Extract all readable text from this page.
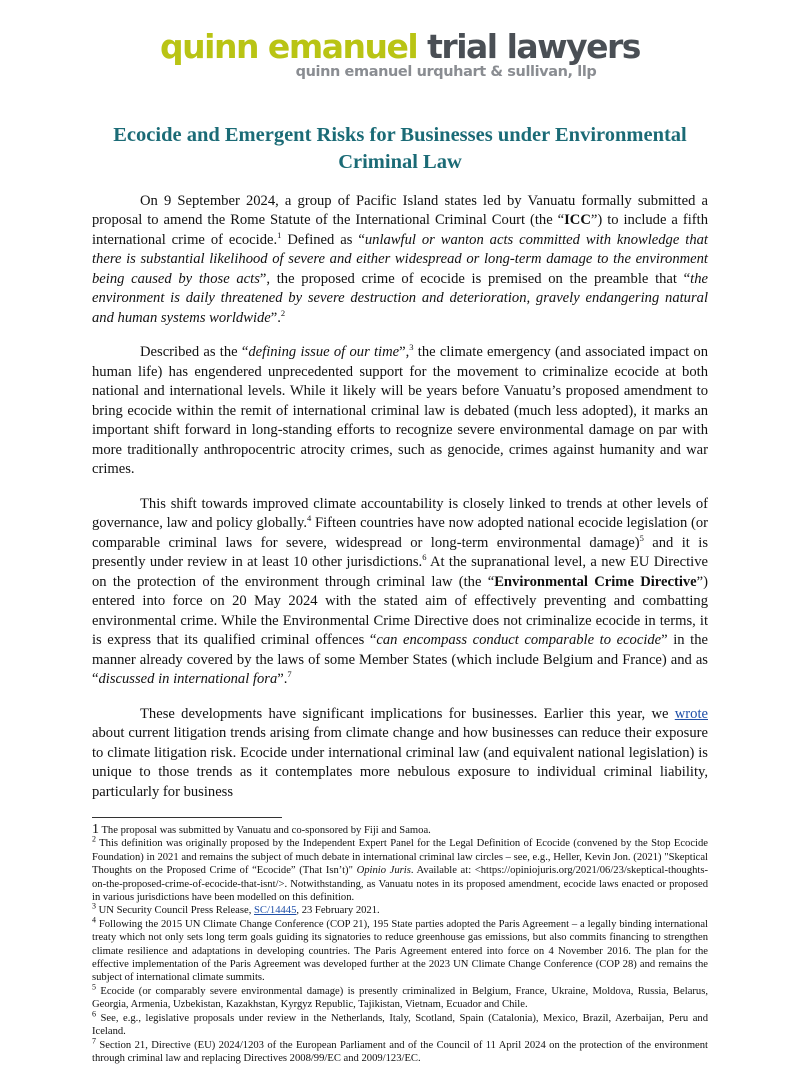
quinn emanuel trial lawyers
quinn emanuel urquhart & sullivan, llp
Ecocide and Emergent Risks for Businesses under Environmental
Criminal Law

On 9 September 2024, a group of Pacific Island states led by Vanuatu formally submitted a proposal to amend the Rome Statute of the International Criminal Court (the “ICC”) to include a fifth international crime of ecocide.$^1$ Defined as “unlawful or wanton acts committed with knowledge that there is substantial likelihood of severe and either widespread or long-term damage to the environment being caused by those acts”, the proposed crime of ecocide is premised on the preamble that “the environment is daily threatened by severe destruction and deterioration, gravely endangering natural and human systems worldwide”.$^2$

Described as the “defining issue of our time”,$^3$ the climate emergency (and associated impact on human life) has engendered unprecedented support for the movement to criminalize ecocide at both national and international levels. While it likely will be years before Vanuatu’s proposed amendment to bring ecocide within the remit of international criminal law is debated (much less adopted), it marks an important shift forward in long-standing efforts to recognize severe environmental damage on par with more traditionally anthropocentric atrocity crimes, such as genocide, crimes against humanity and war crimes.

This shift towards improved climate accountability is closely linked to trends at other levels of governance, law and policy globally.$^4$ Fifteen countries have now adopted national ecocide legislation (or comparable criminal laws for severe, widespread or long-term environmental damage)$^5$ and it is presently under review in at least 10 other jurisdictions.$^6$ At the supranational level, a new EU Directive on the protection of the environment through criminal law (the “Environmental Crime Directive”) entered into force on 20 May 2024 with the stated aim of effectively preventing and combatting environmental crime. While the Environmental Crime Directive does not criminalize ecocide in terms, it is express that its qualified criminal offences “can encompass conduct comparable to ecocide” in the manner already covered by the laws of some Member States (which include Belgium and France) and as “discussed in international fora”.$^7$

These developments have significant implications for businesses. Earlier this year, we wrote about current litigation trends arising from climate change and how businesses can reduce their exposure to climate litigation risk. Ecocide under international criminal law (and equivalent national legislation) is unique to those trends as it contemplates more nebulous exposure to individual criminal liability, particularly for business

1 The proposal was submitted by Vanuatu and co-sponsored by Fiji and Samoa.

$^2$ This definition was originally proposed by the Independent Expert Panel for the Legal Definition of Ecocide (convened by the Stop Ecocide Foundation) in 2021 and remains the subject of much debate in international criminal law circles – see, e.g., Heller, Kevin Jon. (2021) "Skeptical Thoughts on the Proposed Crime of “Ecocide” (That Isn’t)" Opinio Juris. Available at: <https://opiniojuris.org/2021/06/23/skeptical-thoughts-on-the-proposed-crime-of-ecocide-that-isnt/>. Notwithstanding, as Vanuatu notes in its proposed amendment, ecocide laws enacted or proposed in various jurisdictions have been modelled on this definition.

$^3$ UN Security Council Press Release, SC/14445, 23 February 2021.

$^4$ Following the 2015 UN Climate Change Conference (COP 21), 195 State parties adopted the Paris Agreement – a legally binding international treaty which not only sets long term goals guiding its signatories to reduce greenhouse gas emissions, but also commits financing to strengthen climate resilience and adaptations in developing countries. The Paris Agreement entered into force on 4 November 2016. The plan for the effective implementation of the Paris Agreement was developed further at the 2023 UN Climate Change Conference (COP 28) and remains the subject of international climate summits.

$^5$ Ecocide (or comparably severe environmental damage) is presently criminalized in Belgium, France, Ukraine, Moldova, Russia, Belarus, Georgia, Armenia, Uzbekistan, Kazakhstan, Kyrgyz Republic, Tajikistan, Vietnam, Ecuador and Chile.

$^6$ See, e.g., legislative proposals under review in the Netherlands, Italy, Scotland, Spain (Catalonia), Mexico, Brazil, Azerbaijan, Peru and Iceland.

$^7$ Section 21, Directive (EU) 2024/1203 of the European Parliament and of the Council of 11 April 2024 on the protection of the environment through criminal law and replacing Directives 2008/99/EC and 2009/123/EC.
